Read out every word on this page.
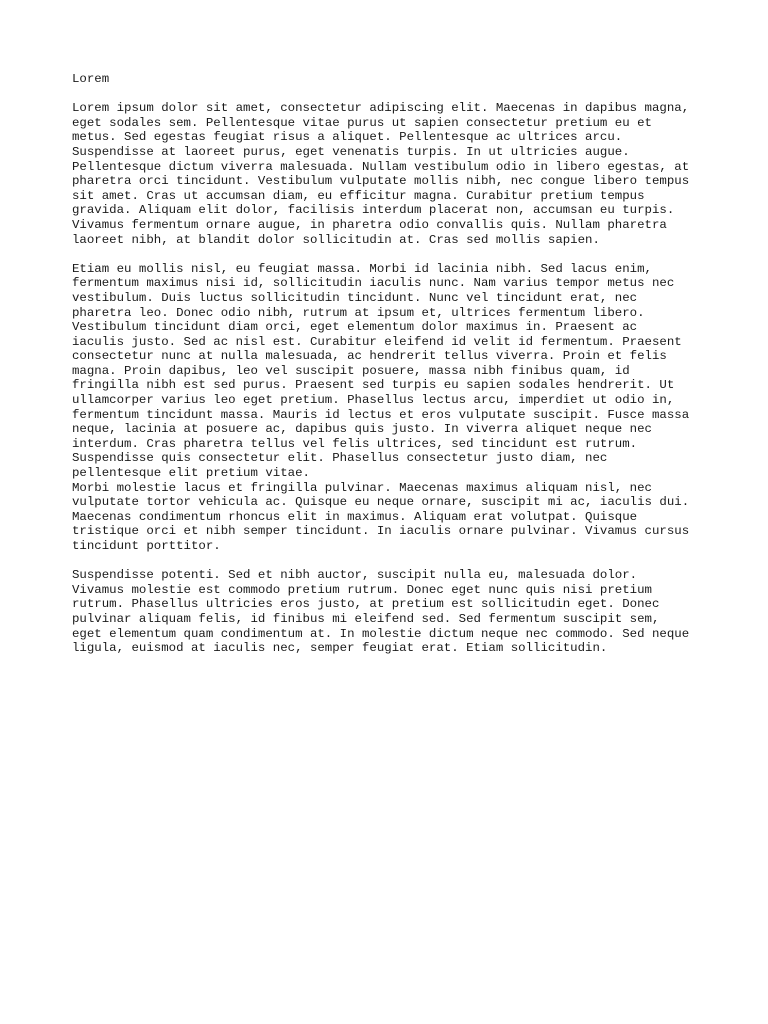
Lorem
Lorem ipsum dolor sit amet, consectetur adipiscing elit. Maecenas in dapibus magna,
eget sodales sem. Pellentesque vitae purus ut sapien consectetur pretium eu et
metus. Sed egestas feugiat risus a aliquet. Pellentesque ac ultrices arcu.
Suspendisse at laoreet purus, eget venenatis turpis. In ut ultricies augue.
Pellentesque dictum viverra malesuada. Nullam vestibulum odio in libero egestas, at
pharetra orci tincidunt. Vestibulum vulputate mollis nibh, nec congue libero tempus
sit amet. Cras ut accumsan diam, eu efficitur magna. Curabitur pretium tempus
gravida. Aliquam elit dolor, facilisis interdum placerat non, accumsan eu turpis.
Vivamus fermentum ornare augue, in pharetra odio convallis quis. Nullam pharetra
laoreet nibh, at blandit dolor sollicitudin at. Cras sed mollis sapien.
Etiam eu mollis nisl, eu feugiat massa. Morbi id lacinia nibh. Sed lacus enim,
fermentum maximus nisi id, sollicitudin iaculis nunc. Nam varius tempor metus nec
vestibulum. Duis luctus sollicitudin tincidunt. Nunc vel tincidunt erat, nec
pharetra leo. Donec odio nibh, rutrum at ipsum et, ultrices fermentum libero.
Vestibulum tincidunt diam orci, eget elementum dolor maximus in. Praesent ac
iaculis justo. Sed ac nisl est. Curabitur eleifend id velit id fermentum. Praesent
consectetur nunc at nulla malesuada, ac hendrerit tellus viverra. Proin et felis
magna. Proin dapibus, leo vel suscipit posuere, massa nibh finibus quam, id
fringilla nibh est sed purus. Praesent sed turpis eu sapien sodales hendrerit. Ut
ullamcorper varius leo eget pretium. Phasellus lectus arcu, imperdiet ut odio in,
fermentum tincidunt massa. Mauris id lectus et eros vulputate suscipit. Fusce massa
neque, lacinia at posuere ac, dapibus quis justo. In viverra aliquet neque nec
interdum. Cras pharetra tellus vel felis ultrices, sed tincidunt est rutrum.
Suspendisse quis consectetur elit. Phasellus consectetur justo diam, nec
pellentesque elit pretium vitae.
Morbi molestie lacus et fringilla pulvinar. Maecenas maximus aliquam nisl, nec
vulputate tortor vehicula ac. Quisque eu neque ornare, suscipit mi ac, iaculis dui.
Maecenas condimentum rhoncus elit in maximus. Aliquam erat volutpat. Quisque
tristique orci et nibh semper tincidunt. In iaculis ornare pulvinar. Vivamus cursus
tincidunt porttitor.
Suspendisse potenti. Sed et nibh auctor, suscipit nulla eu, malesuada dolor.
Vivamus molestie est commodo pretium rutrum. Donec eget nunc quis nisi pretium
rutrum. Phasellus ultricies eros justo, at pretium est sollicitudin eget. Donec
pulvinar aliquam felis, id finibus mi eleifend sed. Sed fermentum suscipit sem,
eget elementum quam condimentum at. In molestie dictum neque nec commodo. Sed neque
ligula, euismod at iaculis nec, semper feugiat erat. Etiam sollicitudin.
